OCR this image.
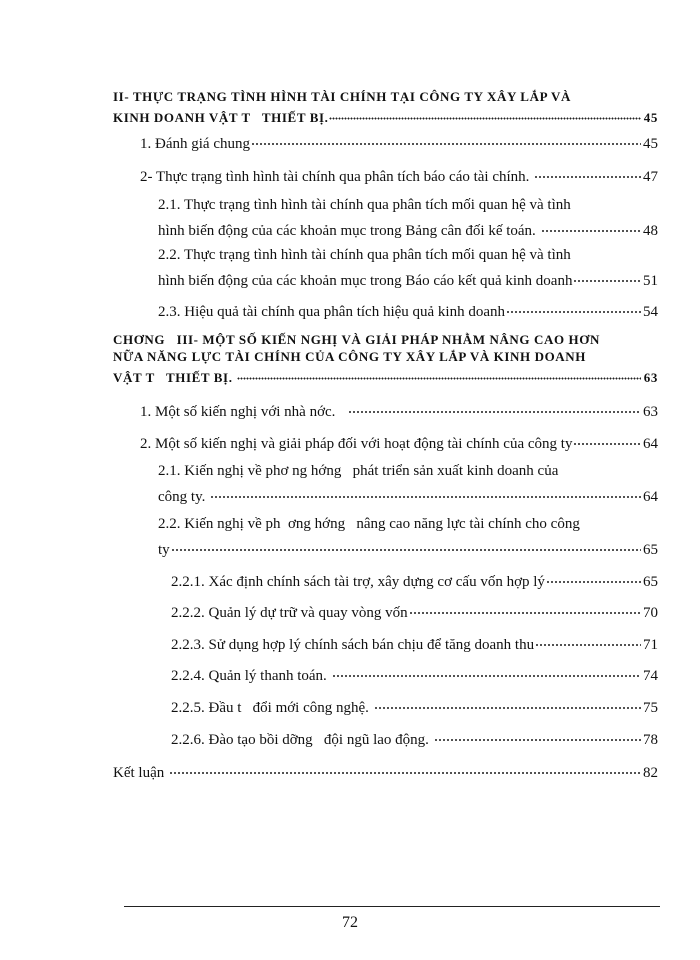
II- THỰC TRẠNG TÌNH HÌNH TÀI CHÍNH TẠI CÔNG TY XÂY LẮP VÀ
KINH DOANH VẬT T   THIẾT BỊ.	45
1. Đánh giá chung	45
2- Thực trạng tình hình tài chính qua phân tích báo cáo tài chính.	47
2.1. Thực trạng tình hình tài chính qua phân tích mối quan hệ và tình
hình biến động của các khoản mục trong Bảng cân đối kế toán.	48
2.2. Thực trạng tình hình tài chính qua phân tích mối quan hệ và tình
hình biến động của các khoản mục trong Báo cáo kết quả kinh doanh	51
2.3. Hiệu quả tài chính qua phân tích hiệu quả kinh doanh	54
CHƠNG   III- MỘT SỐ KIẾN NGHỊ VÀ GIẢI PHÁP NHẰM NÂNG CAO HƠN
NỮA NĂNG LỰC TÀI CHÍNH CỦA CÔNG TY XÂY LẮP VÀ KINH DOANH
VẬT T   THIẾT BỊ.	63
1. Một số kiến nghị với nhà nớc.	63
2. Một số kiến nghị và giải pháp đối với hoạt động tài chính của công ty	64
2.1. Kiến nghị về phơ ng hớng   phát triển sản xuất kinh doanh của
công ty.	64
2.2. Kiến nghị về ph  ơng hớng   nâng cao năng lực tài chính cho công
ty	65
2.2.1. Xác định chính sách tài trợ, xây dựng cơ cấu vốn hợp lý	65
2.2.2. Quản lý dự trữ và quay vòng vốn	70
2.2.3. Sử dụng hợp lý chính sách bán chịu để tăng doanh thu	71
2.2.4. Quản lý thanh toán.	74
2.2.5. Đầu t   đổi mới công nghệ.	75
2.2.6. Đào tạo bồi dỡng   đội ngũ lao động.	78
Kết luận	82
72
